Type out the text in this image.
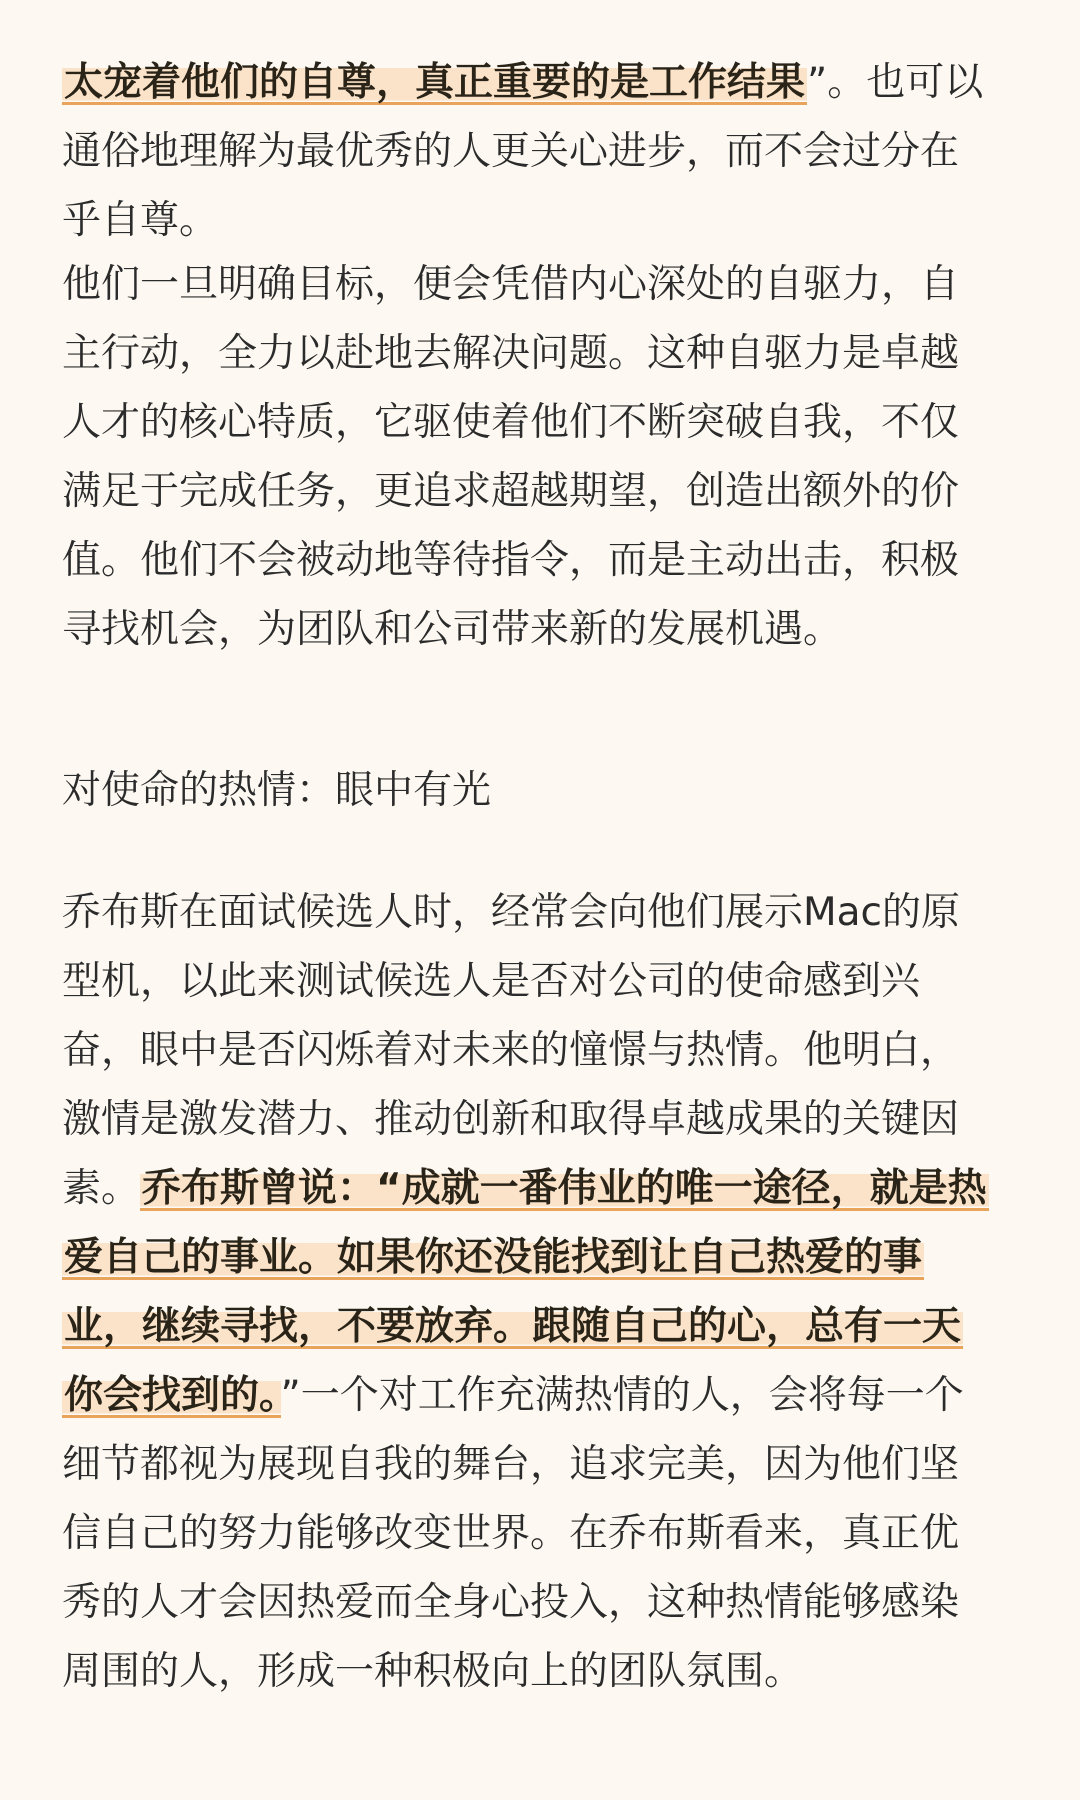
太宠着他们的自尊，真正重要的是工作结果”。也可以
通俗地理解为最优秀的人更关心进步，而不会过分在
乎自尊。

他们一旦明确目标，便会凭借内心深处的自驱力，自
主行动，全力以赴地去解决问题。这种自驱力是卓越
人才的核心特质，它驱使着他们不断突破自我，不仅
满足于完成任务，更追求超越期望，创造出额外的价
值。他们不会被动地等待指令，而是主动出击，积极
寻找机会，为团队和公司带来新的发展机遇。

对使命的热情：眼中有光

乔布斯在面试候选人时，经常会向他们展示Mac的原
型机，以此来测试候选人是否对公司的使命感到兴
奋，眼中是否闪烁着对未来的憧憬与热情。他明白，
激情是激发潜力、推动创新和取得卓越成果的关键因
素。乔布斯曾说：“成就一番伟业的唯一途径，就是热
爱自己的事业。如果你还没能找到让自己热爱的事
业，继续寻找，不要放弃。跟随自己的心，总有一天
你会找到的。”一个对工作充满热情的人，会将每一个
细节都视为展现自我的舞台，追求完美，因为他们坚
信自己的努力能够改变世界。在乔布斯看来，真正优
秀的人才会因热爱而全身心投入，这种热情能够感染
周围的人，形成一种积极向上的团队氛围。
